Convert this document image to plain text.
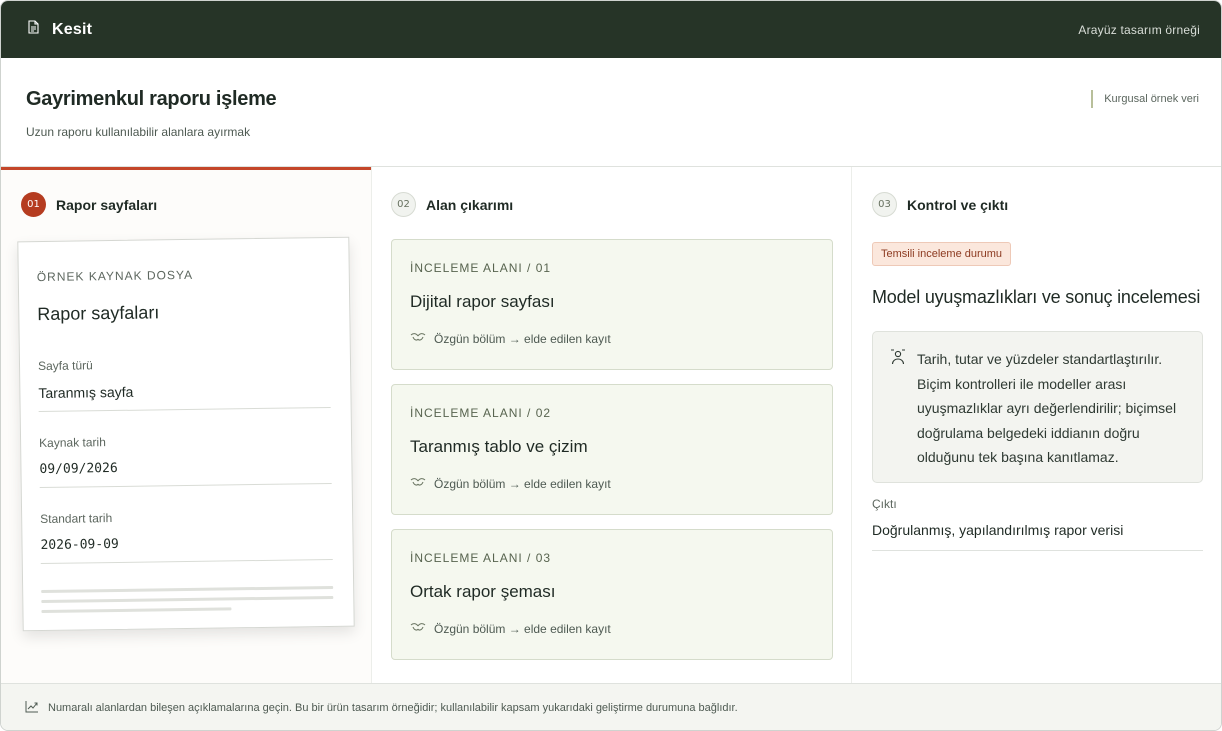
Kesit	Arayüz tasarım örneği
Gayrimenkul raporu işleme
Uzun raporu kullanılabilir alanlara ayırmak
Kurgusal örnek veri
01	Rapor sayfaları
ÖRNEK KAYNAK DOSYA
Rapor sayfaları
Sayfa türü
Taranmış sayfa
Kaynak tarih
09/09/2026
Standart tarih
2026-09-09
02	Alan çıkarımı
İNCELEME ALANI / 01
Dijital rapor sayfası
Özgün bölüm → elde edilen kayıt
İNCELEME ALANI / 02
Taranmış tablo ve çizim
Özgün bölüm → elde edilen kayıt
İNCELEME ALANI / 03
Ortak rapor şeması
Özgün bölüm → elde edilen kayıt
03	Kontrol ve çıktı
Temsili inceleme durumu
Model uyuşmazlıkları ve sonuç incelemesi
Tarih, tutar ve yüzdeler standartlaştırılır. Biçim kontrolleri ile modeller arası uyuşmazlıklar ayrı değerlendirilir; biçimsel doğrulama belgedeki iddianın doğru olduğunu tek başına kanıtlamaz.
Çıktı
Doğrulanmış, yapılandırılmış rapor verisi
Numaralı alanlardan bileşen açıklamalarına geçin. Bu bir ürün tasarım örneğidir; kullanılabilir kapsam yukarıdaki geliştirme durumuna bağlıdır.
